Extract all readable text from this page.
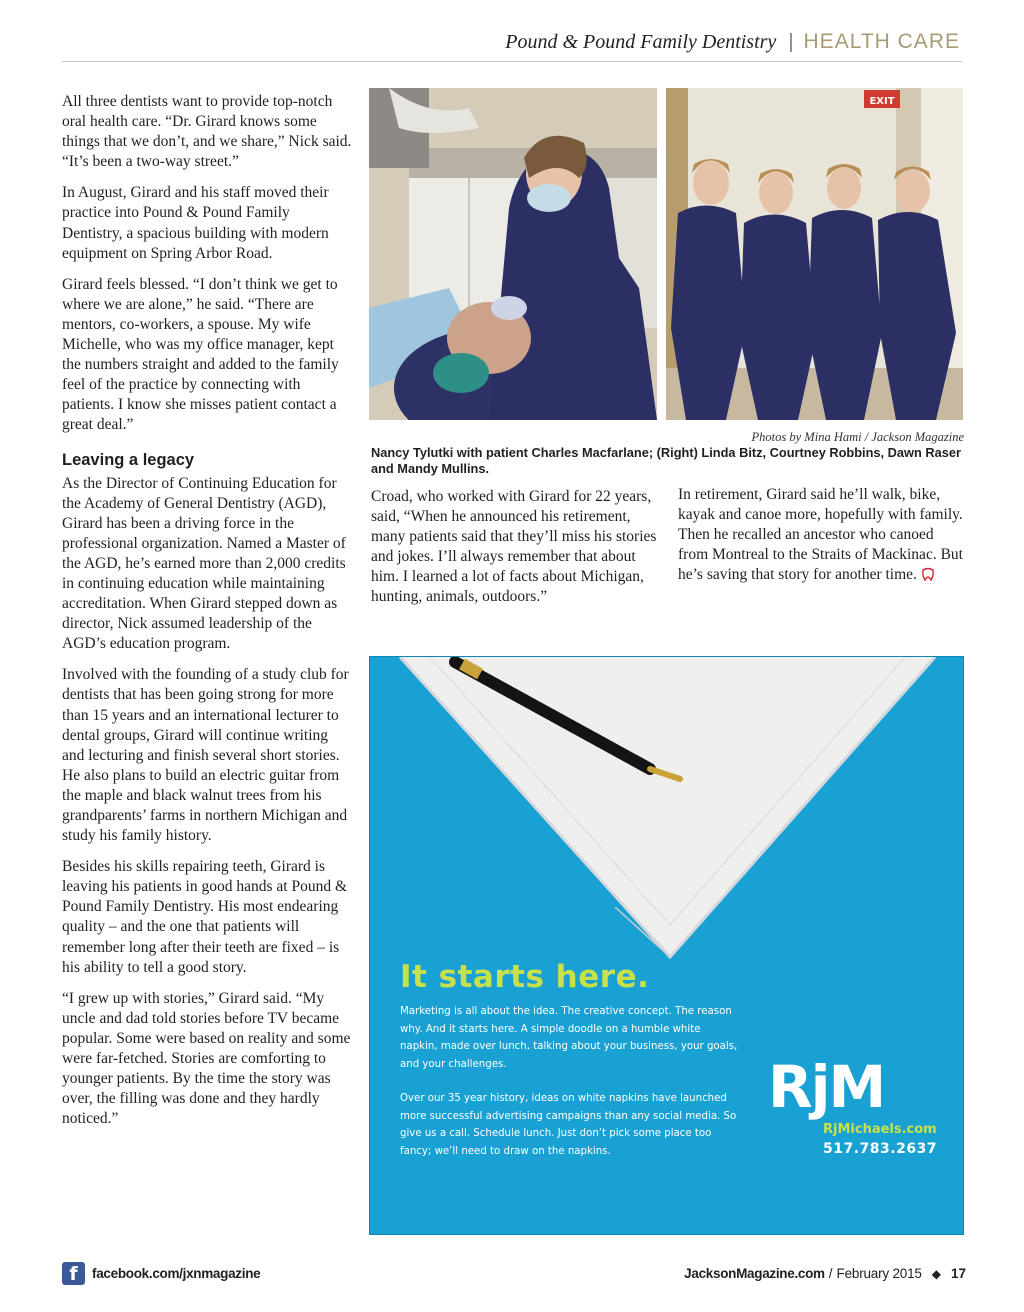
Pound & Pound Family Dentistry | HEALTH CARE

All three dentists want to provide top-notch oral health care. “Dr. Girard knows some things that we don’t, and we share,” Nick said. “It’s been a two-way street.”

In August, Girard and his staff moved their practice into Pound & Pound Family Dentistry, a spacious building with modern equipment on Spring Arbor Road.

Girard feels blessed. “I don’t think we get to where we are alone,” he said. “There are mentors, co-workers, a spouse. My wife Michelle, who was my office manager, kept the numbers straight and added to the family feel of the practice by connecting with patients. I know she misses patient contact a great deal.”

Leaving a legacy

As the Director of Continuing Education for the Academy of General Dentistry (AGD), Girard has been a driving force in the professional organization. Named a Master of the AGD, he’s earned more than 2,000 credits in continuing education while maintaining accreditation. When Girard stepped down as director, Nick assumed leadership of the AGD’s education program.

Involved with the founding of a study club for dentists that has been going strong for more than 15 years and an international lecturer to dental groups, Girard will continue writing and lecturing and finish several short stories. He also plans to build an electric guitar from the maple and black walnut trees from his grandparents’ farms in northern Michigan and study his family history.

Besides his skills repairing teeth, Girard is leaving his patients in good hands at Pound & Pound Family Dentistry. His most endearing quality – and the one that patients will remember long after their teeth are fixed – is his ability to tell a good story.

“I grew up with stories,” Girard said. “My uncle and dad told stories before TV became popular. Some were based on reality and some were far-fetched. Stories are comforting to younger patients. By the time the story was over, the filling was done and they hardly noticed.”

EXIT
Photos by Mina Hami / Jackson Magazine
Nancy Tylutki with patient Charles Macfarlane; (Right) Linda Bitz, Courtney Robbins, Dawn Raser and Mandy Mullins.

Croad, who worked with Girard for 22 years, said, “When he announced his retirement, many patients said that they’ll miss his stories and jokes. I’ll always remember that about him. I learned a lot of facts about Michigan, hunting, animals, outdoors.”

In retirement, Girard said he’ll walk, bike, kayak and canoe more, hopefully with family. Then he recalled an ancestor who canoed from Montreal to the Straits of Mackinac. But he’s saving that story for another time.

It starts here.
Marketing is all about the idea. The creative concept. The reason why. And it starts here. A simple doodle on a humble white napkin, made over lunch, talking about your business, your goals, and your challenges.
Over our 35 year history, ideas on white napkins have launched more successful advertising campaigns than any social media. So give us a call. Schedule lunch. Just don’t pick some place too fancy; we’ll need to draw on the napkins.
RjM
RjMichaels.com
517.783.2637
f	facebook.com/jxnmagazine	JacksonMagazine.com / February 2015 ◆ 17
